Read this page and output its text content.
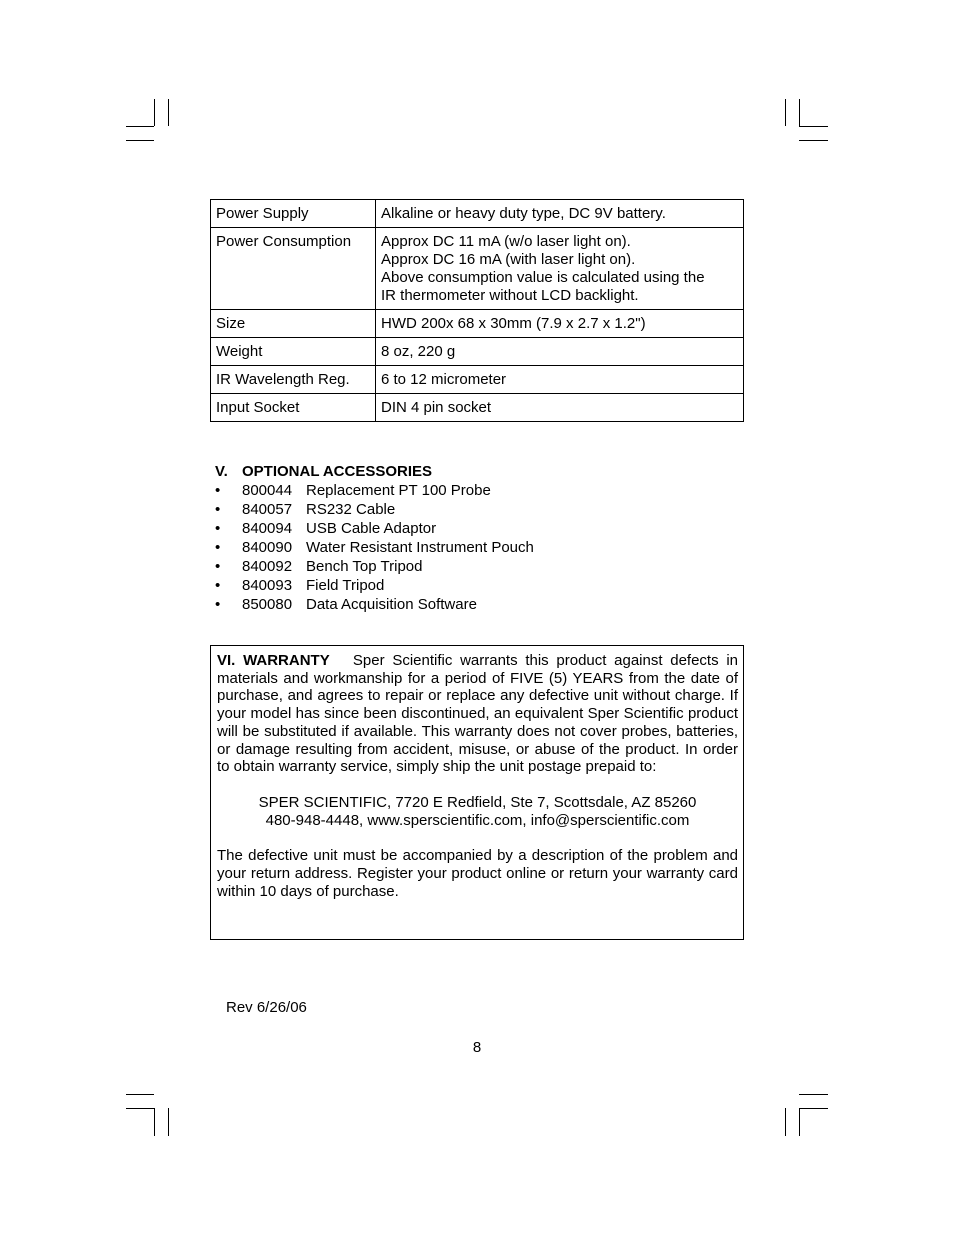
Power Supply	Alkaline or heavy duty type, DC 9V battery.

Power Consumption	Approx DC 11 mA (w/o laser light on).
Approx DC 16 mA (with laser light on).
Above consumption value is calculated using the
IR thermometer without LCD backlight.

Size	HWD 200x 68 x 30mm (7.9 x 2.7 x 1.2")

Weight	8 oz, 220 g

IR Wavelength Reg.	6 to 12 micrometer

Input Socket	DIN 4 pin socket
V. OPTIONAL ACCESSORIES
•	800044 Replacement PT 100 Probe
•	840057 RS232 Cable
•	840094 USB Cable Adaptor
•	840090 Water Resistant Instrument Pouch
•	840092 Bench Top Tripod
•	840093 Field Tripod
•	850080 Data Acquisition Software

VI. WARRANTY Sper Scientific warrants this product against defects in materials and workmanship for a period of FIVE (5) YEARS from the date of purchase, and agrees to repair or replace any defective unit without charge. If your model has since been discontinued, an equivalent Sper Scientific product will be substituted if available. This warranty does not cover probes, batteries, or damage resulting from accident, misuse, or abuse of the product. In order to obtain warranty service, simply ship the unit postage prepaid to:

SPER SCIENTIFIC, 7720 E Redfield, Ste 7, Scottsdale, AZ 85260

480-948-4448, www.sperscientific.com, info@sperscientific.com

The defective unit must be accompanied by a description of the problem and your return address. Register your product online or return your warranty card within 10 days of purchase.

Rev 6/26/06
8
